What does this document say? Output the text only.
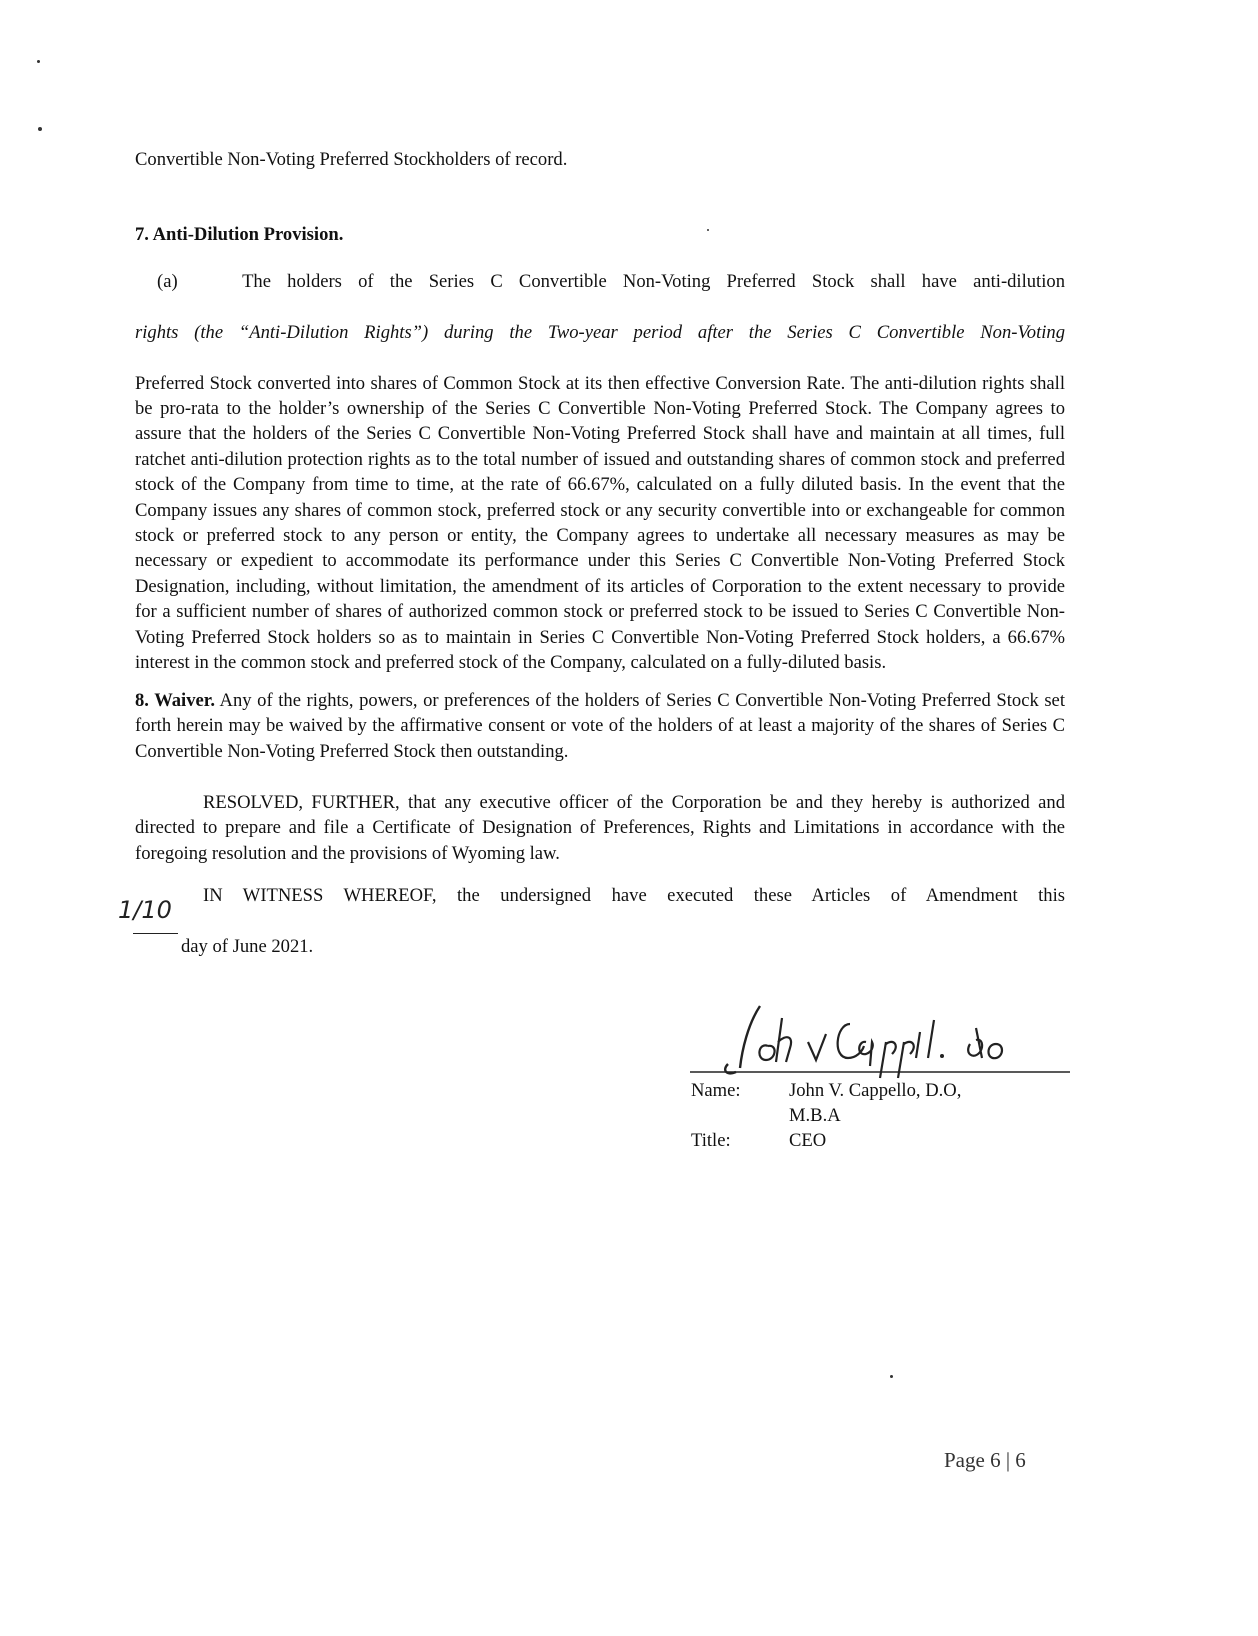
Convertible Non-Voting Preferred Stockholders of record.

7. Anti-Dilution Provision.

(a)	The holders of the Series C Convertible Non-Voting Preferred Stock shall have anti-dilution

rights (the “Anti-Dilution Rights”) during the Two-year period after the Series C Convertible Non-Voting

Preferred Stock converted into shares of Common Stock at its then effective Conversion Rate. The anti-dilution rights shall be pro-rata to the holder’s ownership of the Series C Convertible Non-Voting Preferred Stock. The Company agrees to assure that the holders of the Series C Convertible Non-Voting Preferred Stock shall have and maintain at all times, full ratchet anti-dilution protection rights as to the total number of issued and outstanding shares of common stock and preferred stock of the Company from time to time, at the rate of 66.67%, calculated on a fully diluted basis. In the event that the Company issues any shares of common stock, preferred stock or any security convertible into or exchangeable for common stock or preferred stock to any person or entity, the Company agrees to undertake all necessary measures as may be necessary or expedient to accommodate its performance under this Series C Convertible Non-Voting Preferred Stock Designation, including, without limitation, the amendment of its articles of Corporation to the extent necessary to provide for a sufficient number of shares of authorized common stock or preferred stock to be issued to Series C Convertible Non-Voting Preferred Stock holders so as to maintain in Series C Convertible Non-Voting Preferred Stock holders, a 66.67% interest in the common stock and preferred stock of the Company, calculated on a fully-diluted basis.

8. Waiver. Any of the rights, powers, or preferences of the holders of Series C Convertible Non-Voting Preferred Stock set forth herein may be waived by the affirmative consent or vote of the holders of at least a majority of the shares of Series C Convertible Non-Voting Preferred Stock then outstanding.

RESOLVED, FURTHER, that any executive officer of the Corporation be and they hereby is authorized and directed to prepare and file a Certificate of Designation of Preferences, Rights and Limitations in accordance with the foregoing resolution and the provisions of Wyoming law.

IN WITNESS WHEREOF, the undersigned have executed these Articles of Amendment this

day of June 2021.

1/10
Name:	John V. Cappello, D.O,
M.B.A
Title:	CEO
Page 6 | 6
